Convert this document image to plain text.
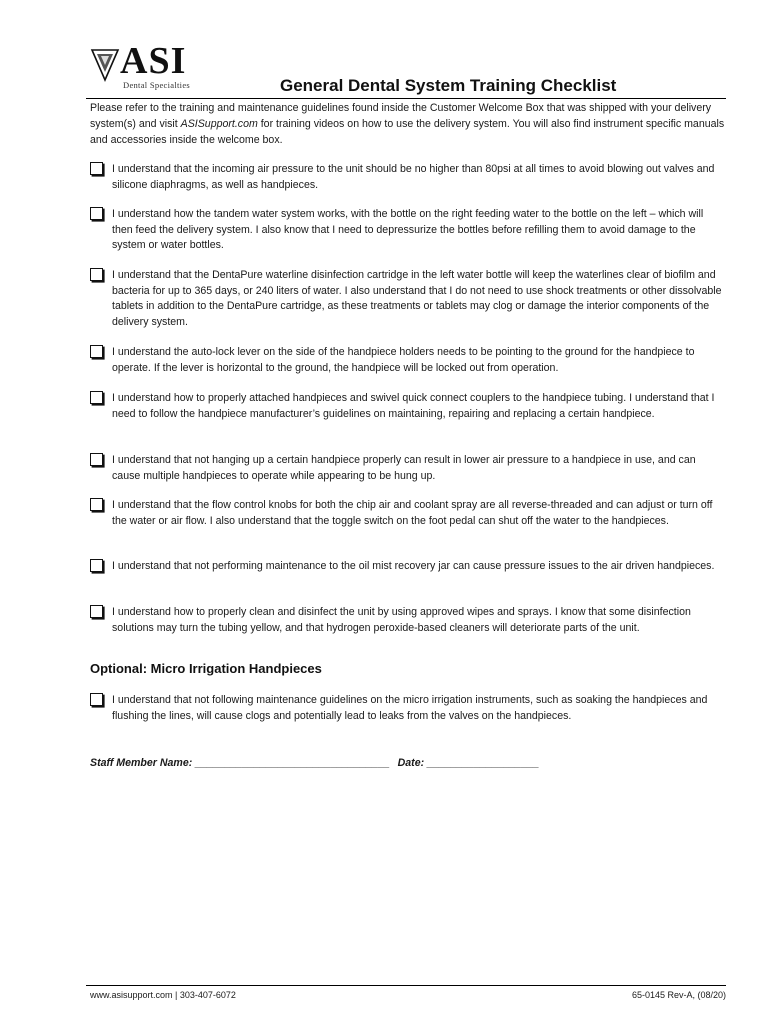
ASI
Dental Specialties	General Dental System Training Checklist
Please refer to the training and maintenance guidelines found inside the Customer Welcome Box that was shipped with your delivery system(s) and visit ASISupport.com for training videos on how to use the delivery system. You will also find instrument specific manuals and accessories inside the welcome box.
I understand that the incoming air pressure to the unit should be no higher than 80psi at all times to avoid blowing out valves and silicone diaphragms, as well as handpieces.
I understand how the tandem water system works, with the bottle on the right feeding water to the bottle on the left – which will then feed the delivery system. I also know that I need to depressurize the bottles before refilling them to avoid damage to the system or water bottles.
I understand that the DentaPure waterline disinfection cartridge in the left water bottle will keep the waterlines clear of biofilm and bacteria for up to 365 days, or 240 liters of water. I also understand that I do not need to use shock treatments or other dissolvable tablets in addition to the DentaPure cartridge, as these treatments or tablets may clog or damage the interior components of the delivery system.
I understand the auto-lock lever on the side of the handpiece holders needs to be pointing to the ground for the handpiece to operate. If the lever is horizontal to the ground, the handpiece will be locked out from operation.
I understand how to properly attached handpieces and swivel quick connect couplers to the handpiece tubing. I understand that I need to follow the handpiece manufacturer’s guidelines on maintaining, repairing and replacing a certain handpiece.
I understand that not hanging up a certain handpiece properly can result in lower air pressure to a handpiece in use, and can cause multiple handpieces to operate while appearing to be hung up.
I understand that the flow control knobs for both the chip air and coolant spray are all reverse-threaded and can adjust or turn off the water or air flow. I also understand that the toggle switch on the foot pedal can shut off the water to the handpieces.
I understand that not performing maintenance to the oil mist recovery jar can cause pressure issues to the air driven handpieces.
I understand how to properly clean and disinfect the unit by using approved wipes and sprays. I know that some disinfection solutions may turn the tubing yellow, and that hydrogen peroxide-based cleaners will deteriorate parts of the unit.
Optional: Micro Irrigation Handpieces
I understand that not following maintenance guidelines on the micro irrigation instruments, such as soaking the handpieces and flushing the lines, will cause clogs and potentially lead to leaks from the valves on the handpieces.
Staff Member Name: _________________________________ Date: ___________________
www.asisupport.com | 303-407-6072	65-0145 Rev-A, (08/20)
